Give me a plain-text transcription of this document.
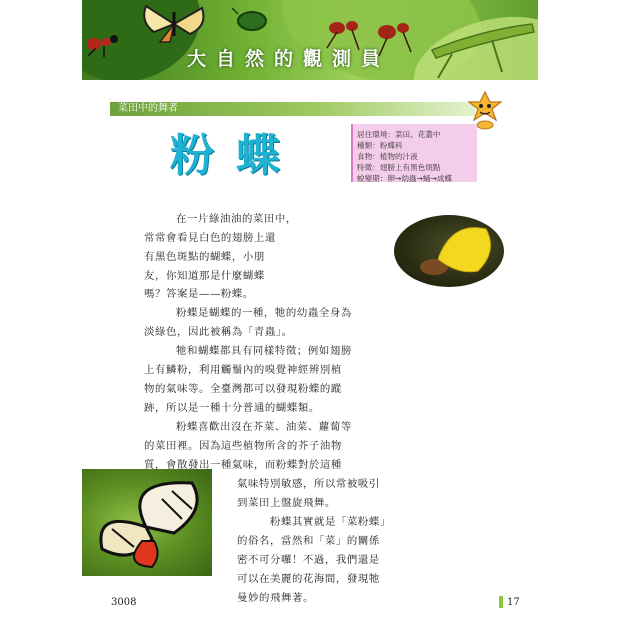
大自然的觀測員
菜田中的舞者
粉蝶	居住環境：菜田、花叢中
種類：粉蝶科
食物：植物的汁液
特徵：翅膀上有黑色斑點
蛻變期：卵→幼蟲→蛹→成蝶
在一片綠油油的菜田中，
常常會看見白色的翅膀上還
有黑色斑點的蝴蝶，小朋
友，你知道那是什麼蝴蝶
嗎？答案是——粉蝶。
粉蝶是蝴蝶的一種，牠的幼蟲全身為
淡綠色，因此被稱為「青蟲」。
牠和蝴蝶都具有同樣特徵；例如翅膀
上有鱗粉，利用觸鬚內的嗅覺神經辨別植
物的氣味等。全臺灣都可以發現粉蝶的蹤
跡，所以是一種十分普通的蝴蝶類。
粉蝶喜歡出沒在芥菜、油菜、蘿蔔等
的菜田裡。因為這些植物所含的芥子油物
質，會散發出一種氣味，而粉蝶對於這種
氣味特別敏感，所以常被吸引
到菜田上盤旋飛舞。
粉蝶其實就是「菜粉蝶」
的俗名，當然和「菜」的關係
密不可分囉！不過，我們還是
可以在美麗的花海間，發現牠
曼妙的飛舞著。
3008	17
